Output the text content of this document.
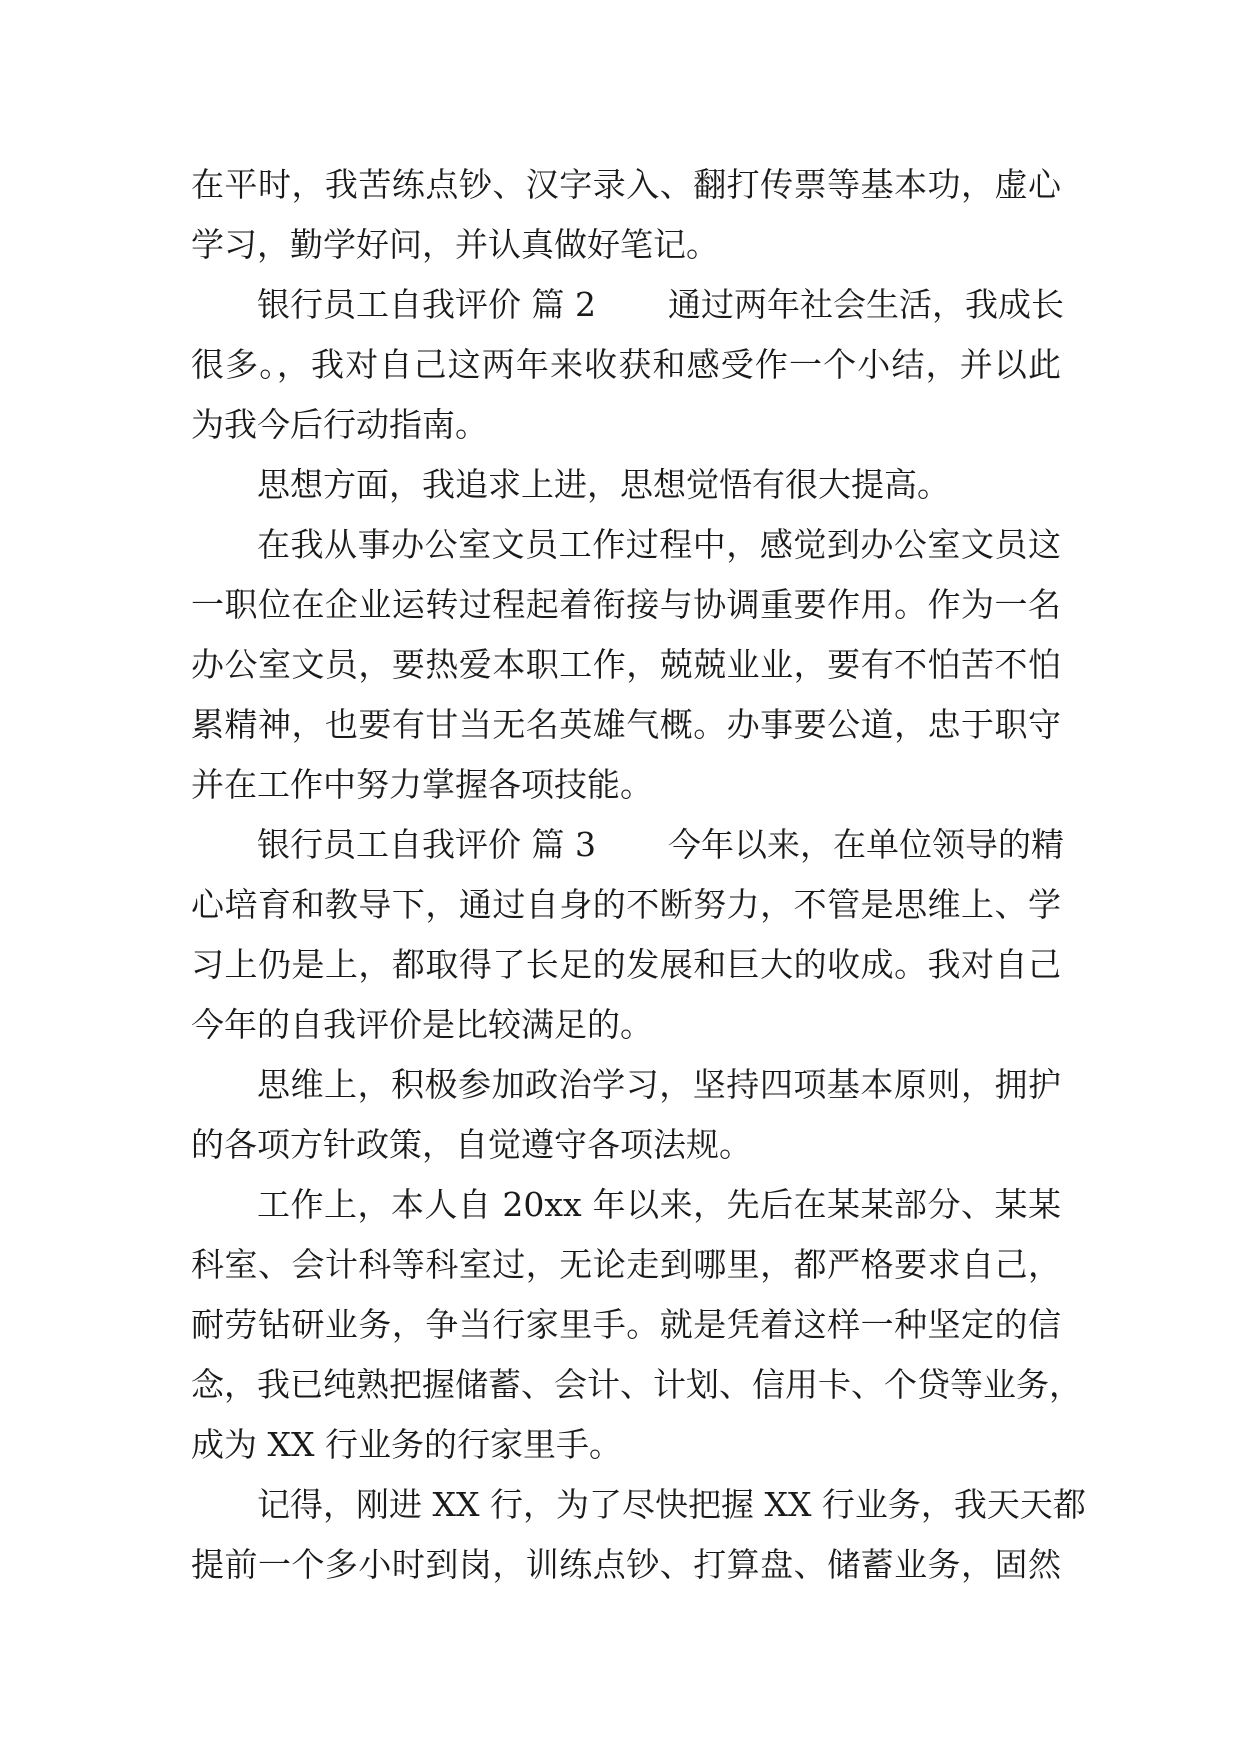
在平时，我苦练点钞、汉字录入、翻打传票等基本功，虚心
学习，勤学好问，并认真做好笔记。
银行员工自我评价 篇 2 通过两年社会生活，我成长
很多。，我对自己这两年来收获和感受作一个小结，并以此
为我今后行动指南。
思想方面，我追求上进，思想觉悟有很大提高。
在我从事办公室文员工作过程中，感觉到办公室文员这
一职位在企业运转过程起着衔接与协调重要作用。作为一名
办公室文员，要热爱本职工作，兢兢业业，要有不怕苦不怕
累精神，也要有甘当无名英雄气概。办事要公道，忠于职守
并在工作中努力掌握各项技能。
银行员工自我评价 篇 3 今年以来，在单位领导的精
心培育和教导下，通过自身的不断努力，不管是思维上、学
习上仍是上，都取得了长足的发展和巨大的收成。我对自己
今年的自我评价是比较满足的。
思维上，积极参加政治学习，坚持四项基本原则，拥护
的各项方针政策，自觉遵守各项法规。
工作上，本人自 20xx 年以来，先后在某某部分、某某
科室、会计科等科室过，无论走到哪里，都严格要求自己，
耐劳钻研业务，争当行家里手。就是凭着这样一种坚定的信
念，我已纯熟把握储蓄、会计、计划、信用卡、个贷等业务，
成为 XX 行业务的行家里手。
记得，刚进 XX 行，为了尽快把握 XX 行业务，我天天都
提前一个多小时到岗，训练点钞、打算盘、储蓄业务，固然
